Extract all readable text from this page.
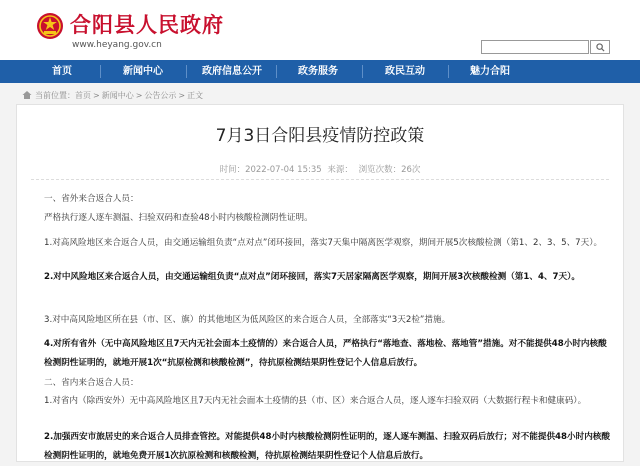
合阳县人民政府
www.heyang.gov.cn
首页	新闻中心	政府信息公开	政务服务	政民互动	魅力合阳
当前位置： 首页 > 新闻中心 > 公告公示 > 正文
7月3日合阳县疫情防控政策
时间：2022-07-04 15:35 来源： 浏览次数：26次
一、省外来合返合人员：
严格执行逐人逐车测温、扫验双码和查验48小时内核酸检测阴性证明。
1.对高风险地区来合返合人员，由交通运输组负责“点对点”闭环接回，落实7天集中隔离医学观察，期间开展5次核酸检测（第1、2、3、5、7天）。
2.对中风险地区来合返合人员，由交通运输组负责“点对点”闭环接回，落实7天居家隔离医学观察，期间开展3次核酸检测（第1、4、7天）。
3.对中高风险地区所在县（市、区、旗）的其他地区为低风险区的来合返合人员，全部落实“3天2检”措施。
4.对所有省外（无中高风险地区且7天内无社会面本土疫情的）来合返合人员，严格执行“落地查、落地检、落地管”措施。对不能提供48小时内核酸检测阴性证明的，就地开展1次“抗原检测和核酸检测”，待抗原检测结果阴性登记个人信息后放行。
二、省内来合返合人员：
1.对省内（除西安外）无中高风险地区且7天内无社会面本土疫情的县（市、区）来合返合人员，逐人逐车扫验双码（大数据行程卡和健康码）。
2.加强西安市旅居史的来合返合人员排查管控。对能提供48小时内核酸检测阴性证明的，逐人逐车测温、扫验双码后放行；对不能提供48小时内核酸检测阴性证明的，就地免费开展1次抗原检测和核酸检测，待抗原检测结果阴性登记个人信息后放行。
